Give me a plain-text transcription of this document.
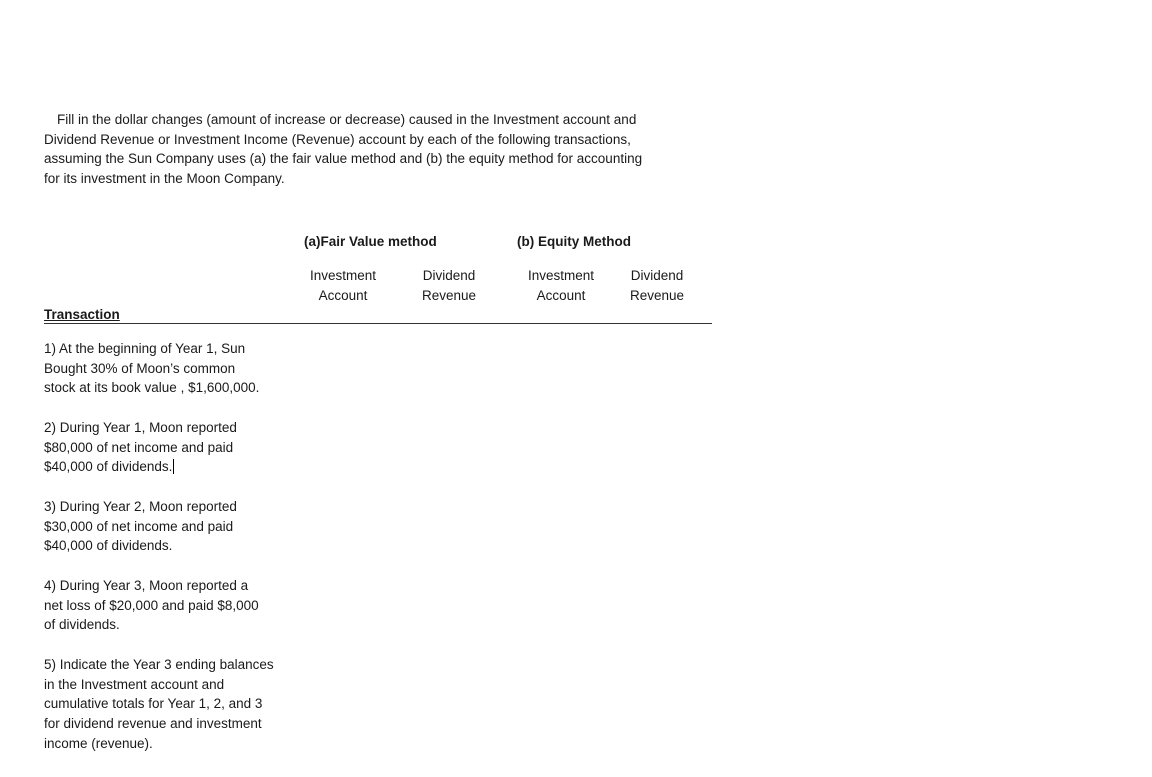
Fill in the dollar changes (amount of increase or decrease) caused in the Investment account and
Dividend Revenue or Investment Income (Revenue) account by each of the following transactions,
assuming the Sun Company uses (a) the fair value method and (b) the equity method for accounting
for its investment in the Moon Company.
(a)Fair Value method	(b) Equity Method
Investment
Account
Dividend
Revenue
Investment
Account
Dividend
Revenue
Transaction
1) At the beginning of Year 1, Sun
Bought 30% of Moon’s common
stock at its book value , $1,600,000.
2) During Year 1, Moon reported
$80,000 of net income and paid
$40,000 of dividends.
3) During Year 2, Moon reported
$30,000 of net income and paid
$40,000 of dividends.
4) During Year 3, Moon reported a
net loss of $20,000 and paid $8,000
of dividends.
5) Indicate the Year 3 ending balances
in the Investment account and
cumulative totals for Year 1, 2, and 3
for dividend revenue and investment
income (revenue).
